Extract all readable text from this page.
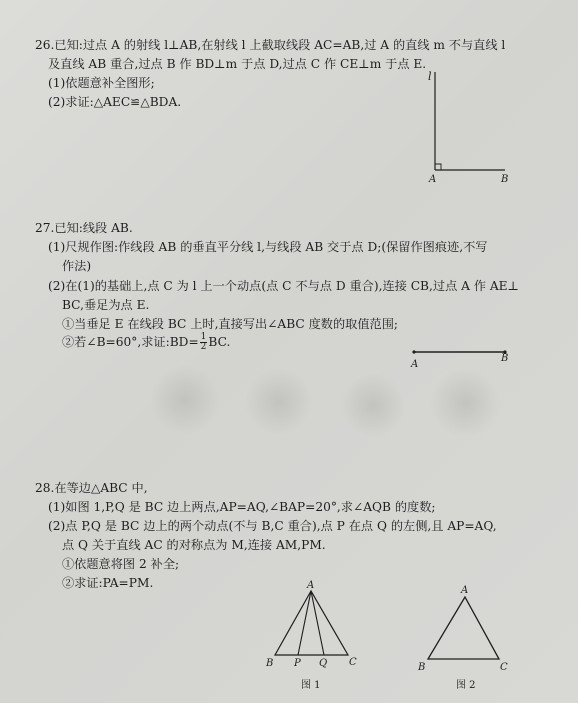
26.已知:过点 A 的射线 l⊥AB,在射线 l 上截取线段 AC=AB,过 A 的直线 m 不与直线 l
及直线 AB 重合,过点 B 作 BD⊥m 于点 D,过点 C 作 CE⊥m 于点 E.
(1)依题意补全图形;
(2)求证:△AEC≌△BDA.
27.已知:线段 AB.
(1)尺规作图:作线段 AB 的垂直平分线 l,与线段 AB 交于点 D;(保留作图痕迹,不写
作法)
(2)在(1)的基础上,点 C 为 l 上一个动点(点 C 不与点 D 重合),连接 CB,过点 A 作 AE⊥
BC,垂足为点 E.
①当垂足 E 在线段 BC 上时,直接写出∠ABC 度数的取值范围;
②若∠B=60°,求证:BD= $\frac{1}{2}$ BC.
28.在等边△ABC 中,
(1)如图 1,P,Q 是 BC 边上两点,AP=AQ,∠BAP=20°,求∠AQB 的度数;
(2)点 P,Q 是 BC 边上的两个动点(不与 B,C 重合),点 P 在点 Q 的左侧,且 AP=AQ,
点 Q 关于直线 AC 的对称点为 M,连接 AM,PM.
①依题意将图 2 补全;
②求证:PA=PM.
l
A	B
A
B
A
B P Q C
图 1
A
B	C
图 2
